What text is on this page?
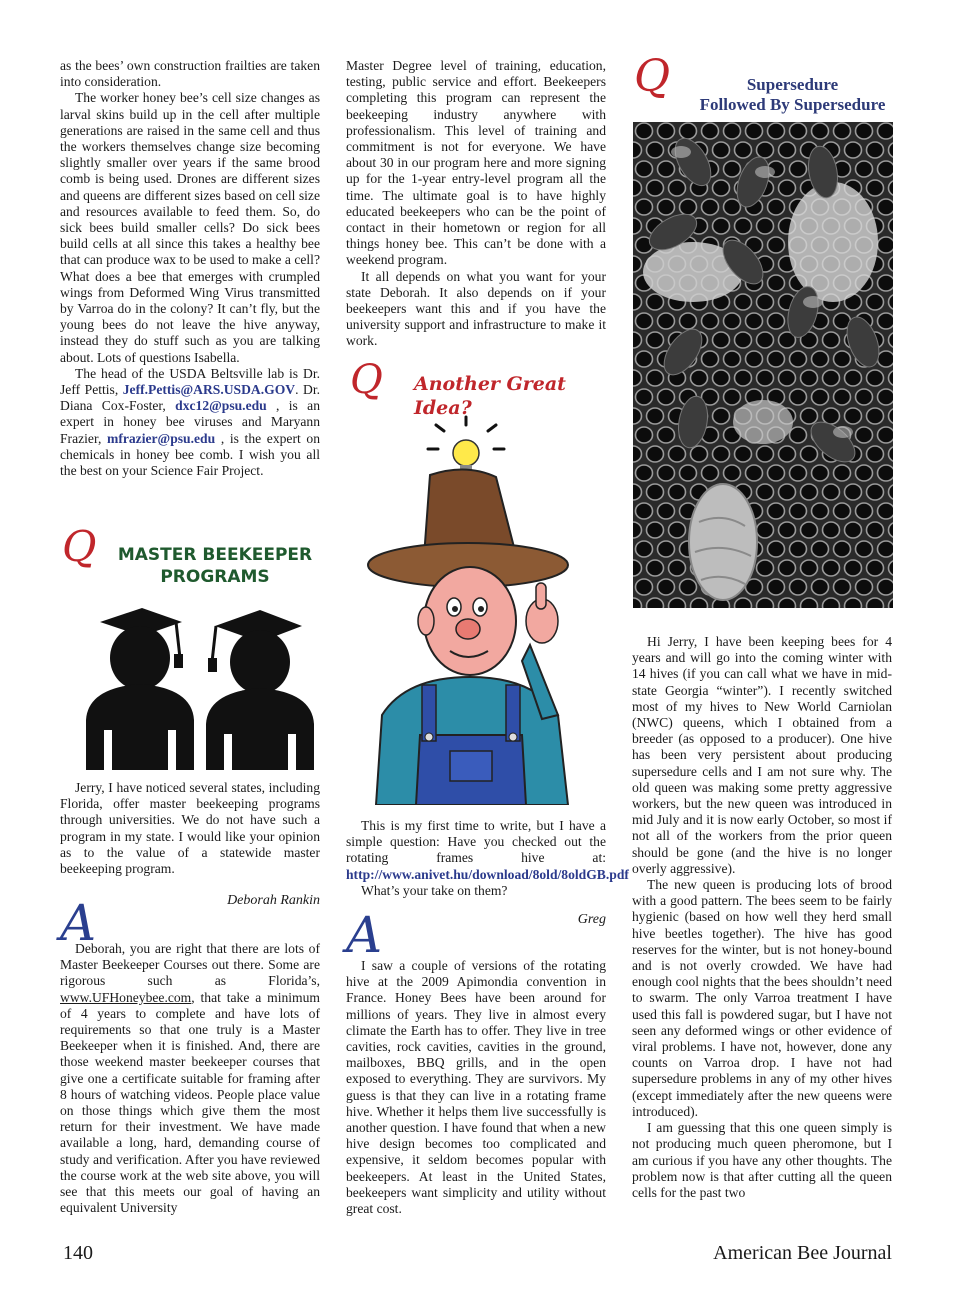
as the bees’ own construction frailties are taken into consideration.

The worker honey bee’s cell size changes as larval skins build up in the cell after multiple generations are raised in the same cell and thus the workers themselves change size becoming slightly smaller over years if the same brood comb is being used. Drones are different sizes and queens are different sizes based on cell size and resources available to feed them. So, do sick bees build smaller cells? Do sick bees build cells at all since this takes a healthy bee that can produce wax to be used to make a cell? What does a bee that emerges with crumpled wings from Deformed Wing Virus transmitted by Varroa do in the colony? It can’t fly, but the young bees do not leave the hive anyway, instead they do stuff such as you are talking about. Lots of questions Isabella.

The head of the USDA Beltsville lab is Dr. Jeff Pettis, Jeff.Pettis@ARS.USDA.GOV. Dr. Diana Cox-Foster, dxc12@psu.edu , is an expert in honey bee viruses and Maryann Frazier, mfrazier@psu.edu , is the expert on chemicals in honey bee comb. I wish you all the best on your Science Fair Project.

Q	MASTER BEEKEEPER
PROGRAMS

Jerry, I have noticed several states, including Florida, offer master beekeeping programs through universities. We do not have such a program in my state. I would like your opinion as to the value of a statewide master beekeeping program.

Deborah Rankin
A

Deborah, you are right that there are lots of Master Beekeeper Courses out there. Some are rigorous such as Florida’s, www.UFHoneybee.com, that take a minimum of 4 years to complete and have lots of requirements so that one truly is a Master Beekeeper when it is finished. And, there are those weekend master beekeeper courses that give one a certificate suitable for framing after 8 hours of watching videos. People place value on those things which give them the most return for their investment. We have made available a long, hard, demanding course of study and verification. After you have reviewed the course work at the web site above, you will see that this meets our goal of having an equivalent University

Master Degree level of training, education, testing, public service and effort. Beekeepers completing this program can represent the beekeeping industry anywhere with professionalism. This level of training and commitment is not for everyone. We have about 30 in our program here and more signing up for the 1-year entry-level program all the time. The ultimate goal is to have highly educated beekeepers who can be the point of contact in their hometown or region for all things honey bee. This can’t be done with a weekend program.

It all depends on what you want for your state Deborah. It also depends on if your beekeepers want this and if you have the university support and infrastructure to make it work.

Q Another Great Idea?

This is my first time to write, but I have a simple question: Have you checked out the rotating frames hive at: http://www.anivet.hu/download/8old/8oldGB.pdf

What’s your take on them?

Greg
A

I saw a couple of versions of the rotating hive at the 2009 Apimondia convention in France. Honey Bees have been around for millions of years. They live in almost every climate the Earth has to offer. They live in tree cavities, rock cavities, cavities in the ground, mailboxes, BBQ grills, and in the open exposed to everything. They are survivors. My guess is that they can live in a rotating frame hive. Whether it helps them live successfully is another question. I have found that when a new hive design becomes too complicated and expensive, it seldom becomes popular with beekeepers. At least in the United States, beekeepers want simplicity and utility without great cost.

Q	Supersedure
Followed By Supersedure

Hi Jerry, I have been keeping bees for 4 years and will go into the coming winter with 14 hives (if you can call what we have in mid-state Georgia “winter”). I recently switched most of my hives to New World Carniolan (NWC) queens, which I obtained from a breeder (as opposed to a producer). One hive has been very persistent about producing supersedure cells and I am not sure why. The old queen was making some pretty aggressive workers, but the new queen was introduced in mid July and it is now early October, so most if not all of the workers from the prior queen should be gone (and the hive is no longer overly aggressive).

The new queen is producing lots of brood with a good pattern. The bees seem to be fairly hygienic (based on how well they herd small hive beetles together). The hive has good reserves for the winter, but is not honey-bound and is not overly crowded. We have had enough cool nights that the bees shouldn’t need to swarm. The only Varroa treatment I have used this fall is powdered sugar, but I have not seen any deformed wings or other evidence of viral problems. I have not, however, done any counts on Varroa drop. I have not had supersedure problems in any of my other hives (except immediately after the new queens were introduced).

I am guessing that this one queen simply is not producing much queen pheromone, but I am curious if you have any other thoughts. The problem now is that after cutting all the queen cells for the past two

140	American Bee Journal
